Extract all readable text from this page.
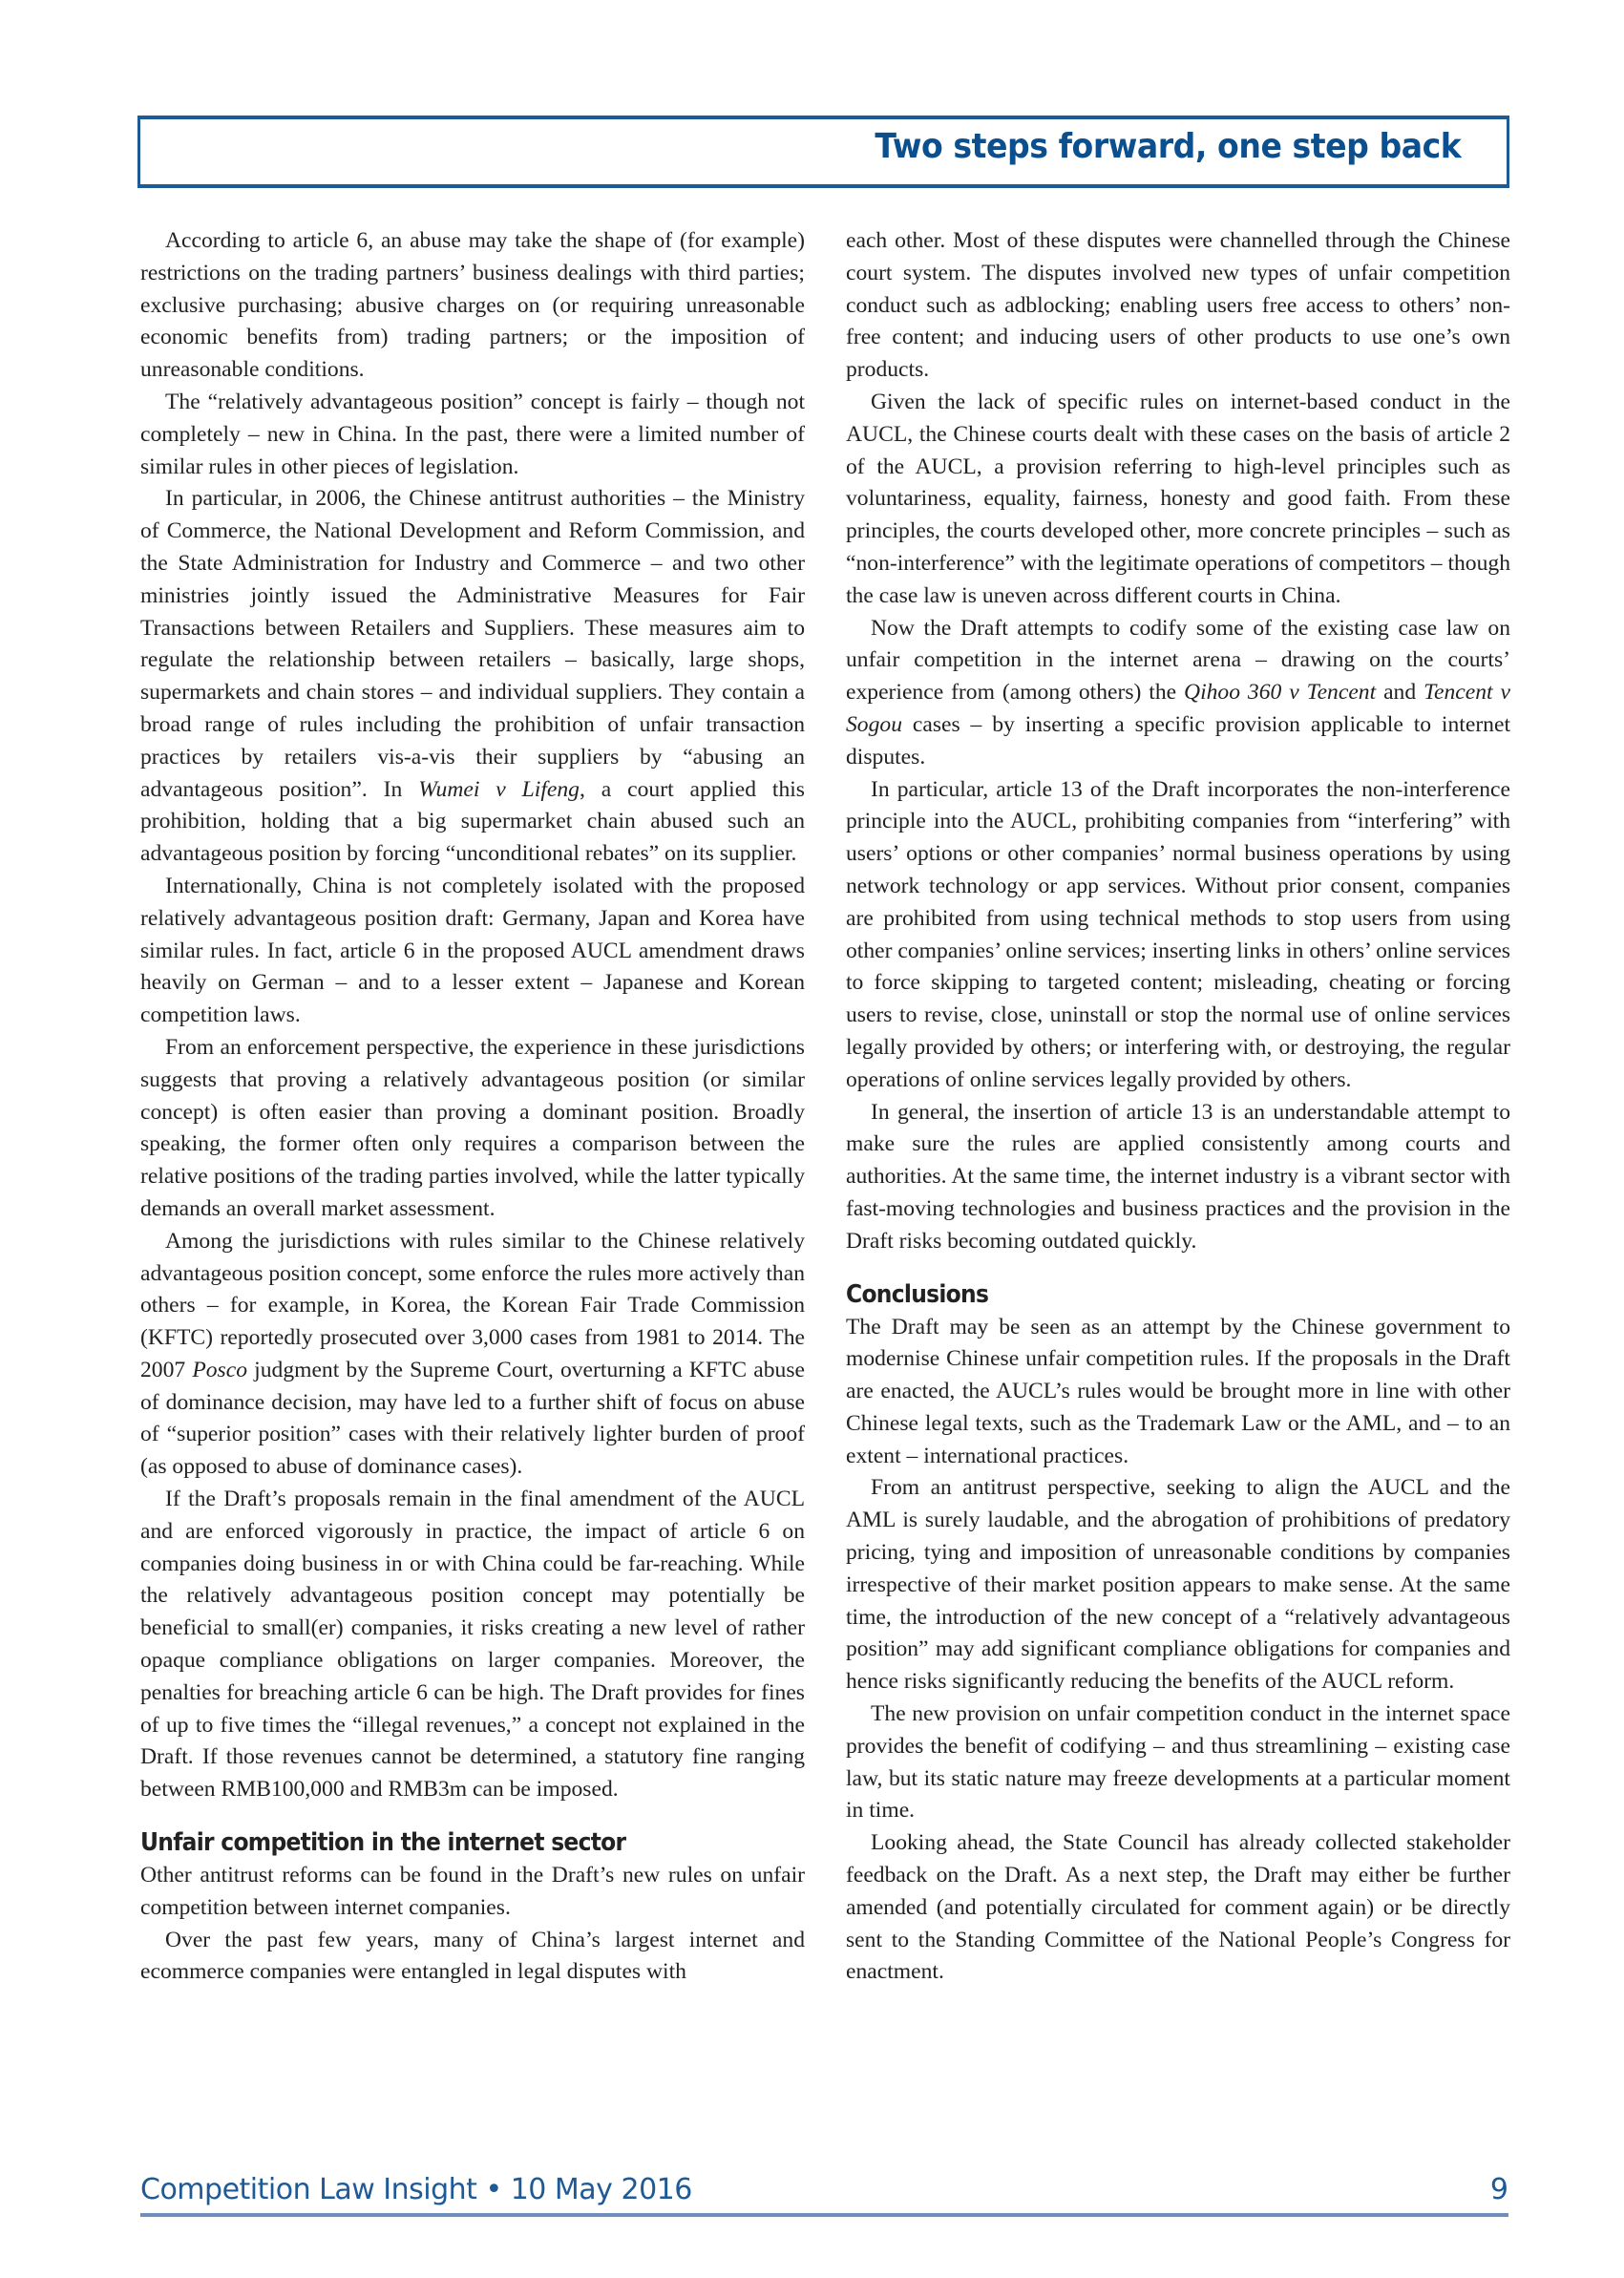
Two steps forward, one step back

According to article 6, an abuse may take the shape of (for example) restrictions on the trading partners’ business dealings with third parties; exclusive purchasing; abusive charges on (or requiring unreasonable economic benefits from) trading partners; or the imposition of unreasonable conditions.

The “relatively advantageous position” concept is fairly – though not completely – new in China. In the past, there were a limited number of similar rules in other pieces of legislation.

In particular, in 2006, the Chinese antitrust authorities – the Ministry of Commerce, the National Development and Reform Commission, and the State Administration for Industry and Commerce – and two other ministries jointly issued the Administrative Measures for Fair Transactions between Retailers and Suppliers. These measures aim to regulate the relationship between retailers – basically, large shops, supermarkets and chain stores – and individual suppliers. They contain a broad range of rules including the prohibition of unfair transaction practices by retailers vis-a-vis their suppliers by “abusing an advantageous position”. In Wumei v Lifeng, a court applied this prohibition, holding that a big supermarket chain abused such an advantageous position by forcing “unconditional rebates” on its supplier.

Internationally, China is not completely isolated with the proposed relatively advantageous position draft: Germany, Japan and Korea have similar rules. In fact, article 6 in the proposed AUCL amendment draws heavily on German – and to a lesser extent – Japanese and Korean competition laws.

From an enforcement perspective, the experience in these jurisdictions suggests that proving a relatively advantageous position (or similar concept) is often easier than proving a dominant position. Broadly speaking, the former often only requires a comparison between the relative positions of the trading parties involved, while the latter typically demands an overall market assessment.

Among the jurisdictions with rules similar to the Chinese relatively advantageous position concept, some enforce the rules more actively than others – for example, in Korea, the Korean Fair Trade Commission (KFTC) reportedly prosecuted over 3,000 cases from 1981 to 2014. The 2007 Posco judgment by the Supreme Court, overturning a KFTC abuse of dominance decision, may have led to a further shift of focus on abuse of “superior position” cases with their relatively lighter burden of proof (as opposed to abuse of dominance cases).

If the Draft’s proposals remain in the final amendment of the AUCL and are enforced vigorously in practice, the impact of article 6 on companies doing business in or with China could be far-reaching. While the relatively advantageous position concept may potentially be beneficial to small(er) companies, it risks creating a new level of rather opaque compliance obligations on larger companies. Moreover, the penalties for breaching article 6 can be high. The Draft provides for fines of up to five times the “illegal revenues,” a concept not explained in the Draft. If those revenues cannot be determined, a statutory fine ranging between RMB100,000 and RMB3m can be imposed.

Unfair competition in the internet sector

Other antitrust reforms can be found in the Draft’s new rules on unfair competition between internet companies.

Over the past few years, many of China’s largest internet and ecommerce companies were entangled in legal disputes with

each other. Most of these disputes were channelled through the Chinese court system. The disputes involved new types of unfair competition conduct such as adblocking; enabling users free access to others’ non-free content; and inducing users of other products to use one’s own products.

Given the lack of specific rules on internet-based conduct in the AUCL, the Chinese courts dealt with these cases on the basis of article 2 of the AUCL, a provision referring to high-level principles such as voluntariness, equality, fairness, honesty and good faith. From these principles, the courts developed other, more concrete principles – such as “non-interference” with the legitimate operations of competitors – though the case law is uneven across different courts in China.

Now the Draft attempts to codify some of the existing case law on unfair competition in the internet arena – drawing on the courts’ experience from (among others) the Qihoo 360 v Tencent and Tencent v Sogou cases – by inserting a specific provision applicable to internet disputes.

In particular, article 13 of the Draft incorporates the non-interference principle into the AUCL, prohibiting companies from “interfering” with users’ options or other companies’ normal business operations by using network technology or app services. Without prior consent, companies are prohibited from using technical methods to stop users from using other companies’ online services; inserting links in others’ online services to force skipping to targeted content; misleading, cheating or forcing users to revise, close, uninstall or stop the normal use of online services legally provided by others; or interfering with, or destroying, the regular operations of online services legally provided by others.

In general, the insertion of article 13 is an understandable attempt to make sure the rules are applied consistently among courts and authorities. At the same time, the internet industry is a vibrant sector with fast-moving technologies and business practices and the provision in the Draft risks becoming outdated quickly.

Conclusions

The Draft may be seen as an attempt by the Chinese government to modernise Chinese unfair competition rules. If the proposals in the Draft are enacted, the AUCL’s rules would be brought more in line with other Chinese legal texts, such as the Trademark Law or the AML, and – to an extent – international practices.

From an antitrust perspective, seeking to align the AUCL and the AML is surely laudable, and the abrogation of prohibitions of predatory pricing, tying and imposition of unreasonable conditions by companies irrespective of their market position appears to make sense. At the same time, the introduction of the new concept of a “relatively advantageous position” may add significant compliance obligations for companies and hence risks significantly reducing the benefits of the AUCL reform.

The new provision on unfair competition conduct in the internet space provides the benefit of codifying – and thus streamlining – existing case law, but its static nature may freeze developments at a particular moment in time.

Looking ahead, the State Council has already collected stakeholder feedback on the Draft. As a next step, the Draft may either be further amended (and potentially circulated for comment again) or be directly sent to the Standing Committee of the National People’s Congress for enactment.

Competition Law Insight • 10 May 2016	9
